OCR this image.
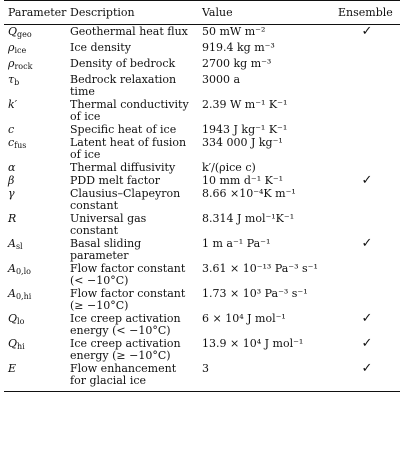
Parameter	Description	Value	Ensemble
$Q_{geo}$	Geothermal heat flux	50 mW m⁻²	✓
$\rho_{ice}$	Ice density	919.4 kg m⁻³	
$\rho_{rock}$	Density of bedrock	2700 kg m⁻³	
$\tau_b$	Bedrock relaxation time	3000 a	
k′	Thermal conductivity of ice	2.39 W m⁻¹ K⁻¹	
c	Specific heat of ice	1943 J kg⁻¹ K⁻¹	
$c_{fus}$	Latent heat of fusion of ice	334 000 J kg⁻¹	
α	Thermal diffusivity	k′/(ρice c)	
β	PDD melt factor	10 mm d⁻¹ K⁻¹	✓
γ	Clausius–Clapeyron constant	8.66 ×10⁻⁴K m⁻¹	
R	Universal gas constant	8.314 J mol⁻¹K⁻¹	
$A_{sl}$	Basal sliding parameter	1 m a⁻¹ Pa⁻¹	✓
$A_{0,lo}$	Flow factor constant (< −10°C)	3.61 × 10⁻¹³ Pa⁻³ s⁻¹	
$A_{0,hi}$	Flow factor constant (≥ −10°C)	1.73 × 10³ Pa⁻³ s⁻¹	
$Q_{lo}$	Ice creep activation energy (< −10°C)	6 × 10⁴ J mol⁻¹	✓
$Q_{hi}$	Ice creep activation energy (≥ −10°C)	13.9 × 10⁴ J mol⁻¹	✓
E	Flow enhancement for glacial ice	3	✓
